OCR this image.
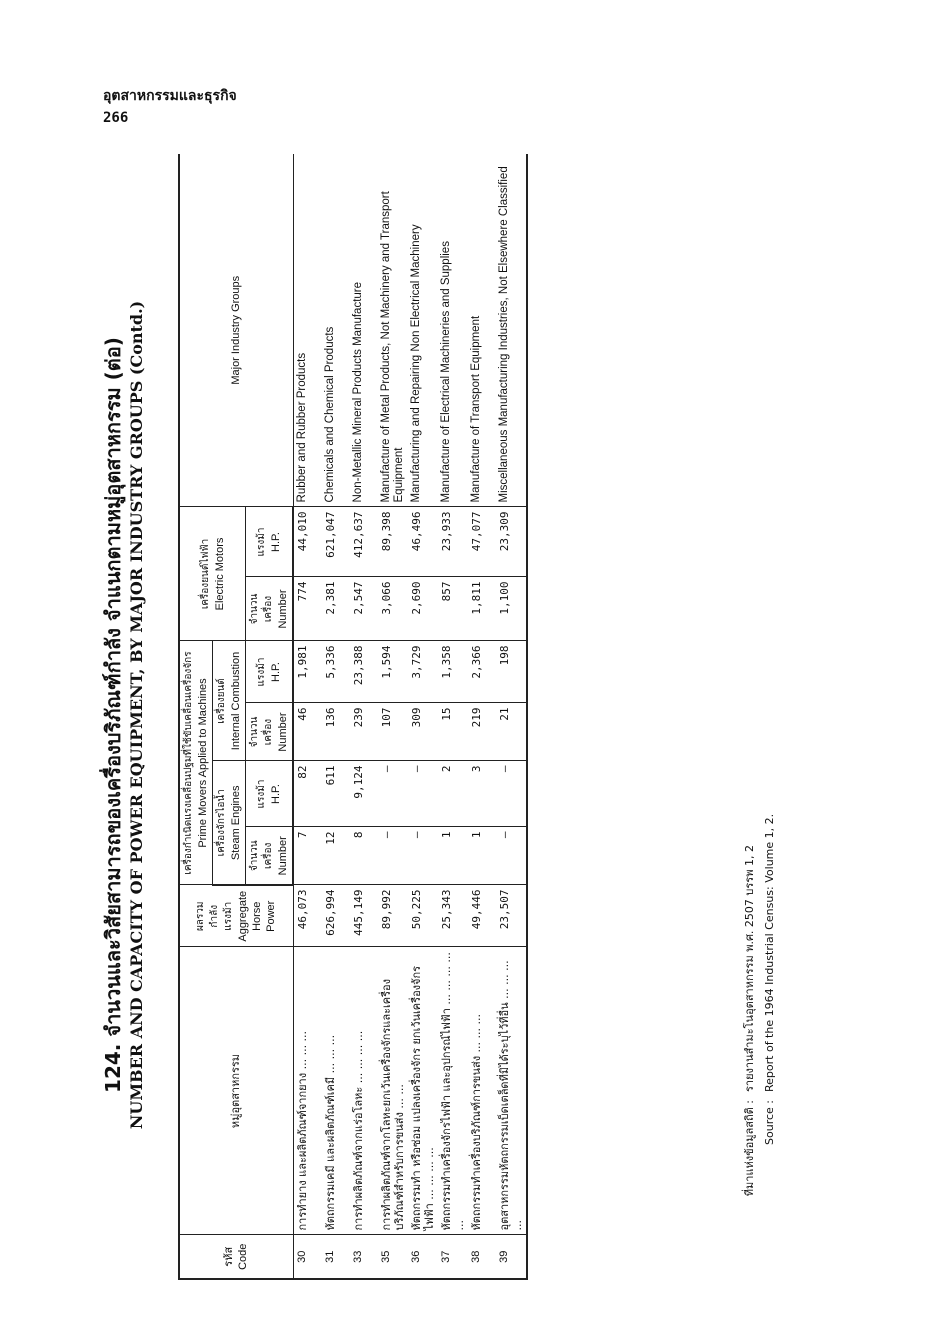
อุตสาหกรรมและธุรกิจ
266
124. จำนวนและวิสัยสามารถของเครื่องบริภัณฑ์กำลัง จำแนกตามหมู่อุตสาหกรรม (ต่อ) NUMBER AND CAPACITY OF POWER EQUIPMENT, BY MAJOR INDUSTRY GROUPS (Contd.)
รหัส Code	หมู่อุตสาหกรรม	ผลรวม กำลัง แรงม้า Aggregate Horse Power	เครื่องกำเนิดแรงเคลื่อนปฐมที่ใช้ขับเคลื่อนเครื่องจักร Prime Movers Applied to Machines				เครื่องยนต์ไฟฟ้า Electric Motors		Major Industry Groups

			เครื่องจักรไอน้ำ Steam Engines		เครื่องยนต์ Internal Combustion				

			จำนวน เครื่อง Number	แรงม้า H.P.	จำนวน เครื่อง Number	แรงม้า H.P.	จำนวน เครื่อง Number	แรงม้า H.P.	

30	การทำยาง และผลิตภัณฑ์จากยาง ... ... ...	46,073	7	82	46	1,981	774	44,010	Rubber and Rubber Products
31	หัตถกรรมเคมี และผลิตภัณฑ์เคมี ... ... ...	626,994	12	611	136	5,336	2,381	621,047	Chemicals and Chemical Products
33	การทำผลิตภัณฑ์จากแร่อโลหะ ... ... ... ...	445,149	8	9,124	239	23,388	2,547	412,637	Non-Metallic Mineral Products Manufacture
35	การทำผลิตภัณฑ์จากโลหะยกเว้นเครื่องจักรและเครื่องบริภัณฑ์สำหรับการขนส่ง ... ...	89,992	–	–	107	1,594	3,066	89,398	Manufacture of Metal Products, Not Machinery and Transport Equipment
36	หัตถกรรมทำ หรือซ่อม แปลงเครื่องจักร ยกเว้นเครื่องจักรไฟฟ้า ... ... ... ...	50,225	–	–	309	3,729	2,690	46,496	Manufacturing and Repairing Non Electrical Machinery
37	หัตถกรรมทำเครื่องจักรไฟฟ้า และอุปกรณ์ไฟฟ้า ... ... ... ... ...	25,343	1	2	15	1,358	857	23,933	Manufacture of Electrical Machineries and Supplies
38	หัตถกรรมทำเครื่องบริภัณฑ์การขนส่ง ... ... ...	49,446	1	3	219	2,366	1,811	47,077	Manufacture of Transport Equipment
39	อุตสาหกรรมหัตถกรรมเบ็ดเตล็ดที่มิได้ระบุไว้ที่อื่น ... ... ... ...	23,507	–	–	21	198	1,100	23,309	Miscellaneous Manufacturing Industries, Not Elsewhere Classified
ที่มาแห่งข้อมูลสถิติ :
รายงานสำมะโนอุตสาหกรรม พ.ศ. 2507 บรรพ 1, 2
Source :
Report of the 1964 Industrial Census: Volume 1, 2.
